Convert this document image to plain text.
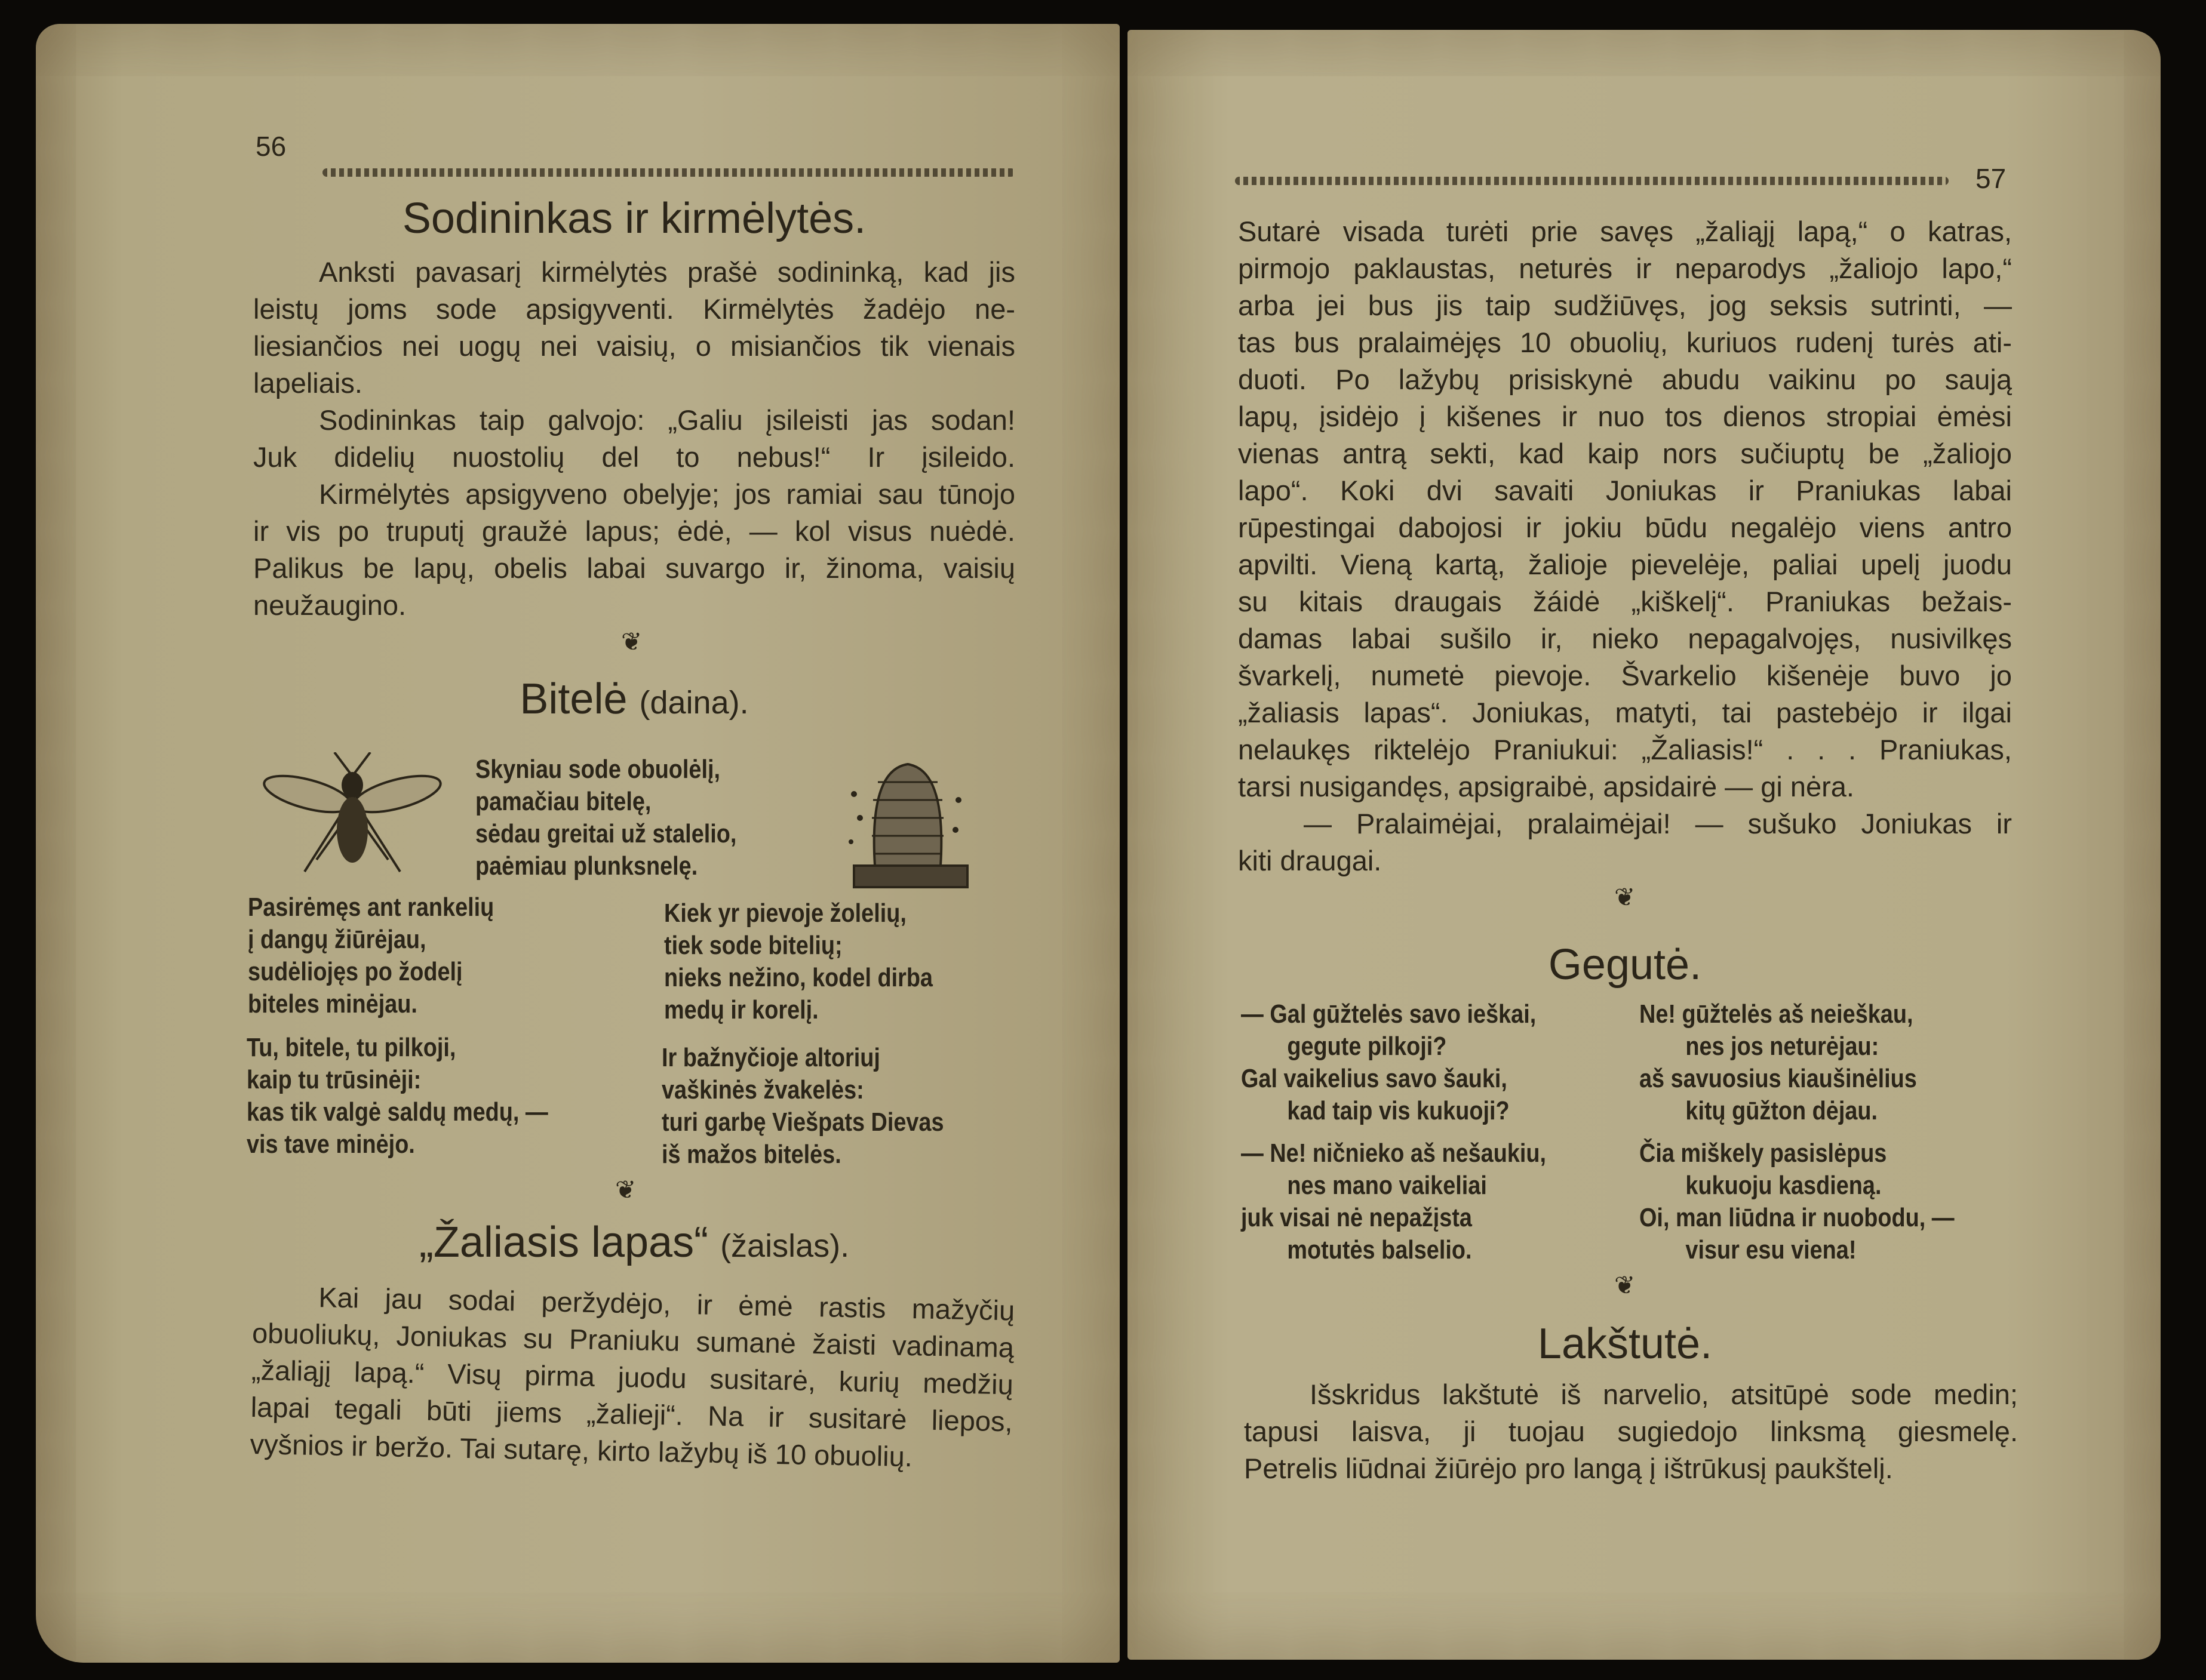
56
Sodininkas ir kirmėlytės.
Anksti pavasarį kirmėlytės prašė sodininką, kad jis
leistų joms sode apsigyventi. Kirmėlytės žadėjo ne-
liesiančios nei uogų nei vaisių, o misiančios tik vienais
lapeliais.
Sodininkas taip galvojo: „Galiu įsileisti jas sodan!
Juk didelių nuostolių del to nebus!“ Ir įsileido.
Kirmėlytės apsigyveno obelyje; jos ramiai sau tūnojo
ir vis po truputį graužė lapus; ėdė, — kol visus nuėdė.
Palikus be lapų, obelis labai suvargo ir, žinoma, vaisių
neužaugino.
❦
Bitelė (daina).
Skyniau sode obuolėlį,
pamačiau bitelę,
sėdau greitai už stalelio,
paėmiau plunksnelę.
Pasirėmęs ant rankelių
į dangų žiūrėjau,
sudėliojęs po žodelį
biteles minėjau.
Kiek yr pievoje žolelių,
tiek sode bitelių;
nieks nežino, kodel dirba
medų ir korelį.
Tu, bitele, tu pilkoji,
kaip tu trūsinėji:
kas tik valgė saldų medų, —
vis tave minėjo.
Ir bažnyčioje altoriuj
vaškinės žvakelės:
turi garbę Viešpats Dievas
iš mažos bitelės.
❦
„Žaliasis lapas“ (žaislas).
Kai jau sodai peržydėjo, ir ėmė rastis mažyčių
obuoliukų, Joniukas su Praniuku sumanė žaisti vadinamą
„žaliąjį lapą.“ Visų pirma juodu susitarė, kurių medžių
lapai tegali būti jiems „žalieji“. Na ir susitarė liepos,
vyšnios ir beržo. Tai sutarę, kirto lažybų iš 10 obuolių.
57
Sutarė visada turėti prie savęs „žaliąjį lapą,“ o katras,
pirmojo paklaustas, neturės ir neparodys „žaliojo lapo,“
arba jei bus jis taip sudžiūvęs, jog seksis sutrinti, —
tas bus pralaimėjęs 10 obuolių, kuriuos rudenį turės ati-
duoti. Po lažybų prisiskynė abudu vaikinu po saują
lapų, įsidėjo į kišenes ir nuo tos dienos stropiai ėmėsi
vienas antrą sekti, kad kaip nors sučiuptų be „žaliojo
lapo“. Koki dvi savaiti Joniukas ir Praniukas labai
rūpestingai dabojosi ir jokiu būdu negalėjo viens antro
apvilti. Vieną kartą, žalioje pievelėje, paliai upelį juodu
su kitais draugais žáidė „kiškelį“. Praniukas bežais-
damas labai sušilo ir, nieko nepagalvojęs, nusivilkęs
švarkelį, numetė pievoje. Švarkelio kišenėje buvo jo
„žaliasis lapas“. Joniukas, matyti, tai pastebėjo ir ilgai
nelaukęs riktelėjo Praniukui: „Žaliasis!“ . . . Praniukas,
tarsi nusigandęs, apsigraibė, apsidairė — gi nėra.
— Pralaimėjai, pralaimėjai! — sušuko Joniukas ir
kiti draugai.
❦
Gegutė.
— Gal gūžtelės savo ieškai,
gegute pilkoji?
Gal vaikelius savo šauki,
kad taip vis kukuoji?
Ne! gūžtelės aš neieškau,
nes jos neturėjau:
aš savuosius kiaušinėlius
kitų gūžton dėjau.
— Ne! ničnieko aš nešaukiu,
nes mano vaikeliai
juk visai nė nepažįsta
motutės balselio.
Čia miškely pasislėpus
kukuoju kasdieną.
Oi, man liūdna ir nuobodu, —
visur esu viena!
❦
Lakštutė.
Išskridus lakštutė iš narvelio, atsitūpė sode medin;
tapusi laisva, ji tuojau sugiedojo linksmą giesmelę.
Petrelis liūdnai žiūrėjo pro langą į ištrūkusį paukštelį.
